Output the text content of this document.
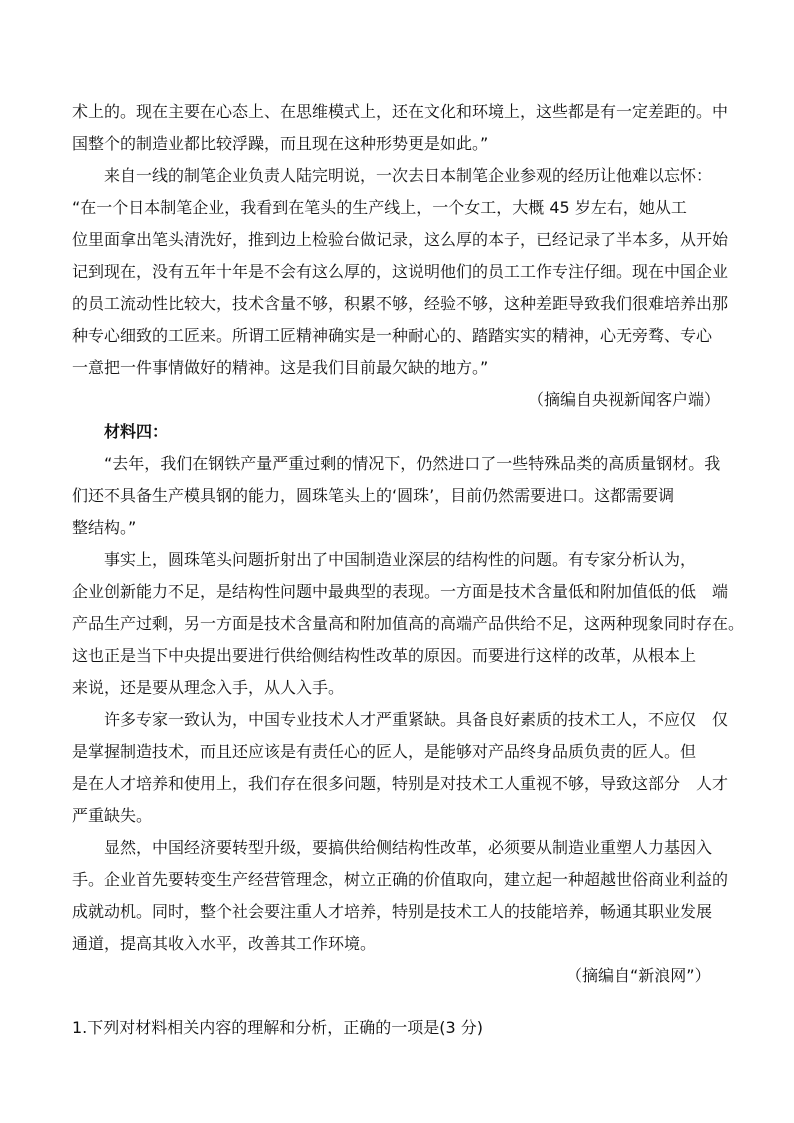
术上的。现在主要在心态上、在思维模式上，还在文化和环境上，这些都是有一定差距的。中
国整个的制造业都比较浮躁，而且现在这种形势更是如此。”
来自一线的制笔企业负责人陆完明说，一次去日本制笔企业参观的经历让他难以忘怀：
“在一个日本制笔企业，我看到在笔头的生产线上，一个女工，大概 45 岁左右，她从工
位里面拿出笔头清洗好，推到边上检验台做记录，这么厚的本子，已经记录了半本多，从开始
记到现在，没有五年十年是不会有这么厚的，这说明他们的员工工作专注仔细。现在中国企业
的员工流动性比较大，技术含量不够，积累不够，经验不够，这种差距导致我们很难培养出那
种专心细致的工匠来。所谓工匠精神确实是一种耐心的、踏踏实实的精神，心无旁骛、专心
一意把一件事情做好的精神。这是我们目前最欠缺的地方。”
（摘编自央视新闻客户端）
材料四：
“去年，我们在钢铁产量严重过剩的情况下，仍然进口了一些特殊品类的高质量钢材。我
们还不具备生产模具钢的能力，圆珠笔头上的‘圆珠’，目前仍然需要进口。这都需要调
整结构。”
事实上，圆珠笔头问题折射出了中国制造业深层的结构性的问题。有专家分析认为，
企业创新能力不足，是结构性问题中最典型的表现。一方面是技术含量低和附加值低的低　端
产品生产过剩，另一方面是技术含量高和附加值高的高端产品供给不足，这两种现象同时存在。
这也正是当下中央提出要进行供给侧结构性改革的原因。而要进行这样的改革，从根本上
来说，还是要从理念入手，从人入手。
许多专家一致认为，中国专业技术人才严重紧缺。具备良好素质的技术工人，不应仅　仅
是掌握制造技术，而且还应该是有责任心的匠人，是能够对产品终身品质负责的匠人。但
是在人才培养和使用上，我们存在很多问题，特别是对技术工人重视不够，导致这部分　人才
严重缺失。
显然，中国经济要转型升级，要搞供给侧结构性改革，必须要从制造业重塑人力基因入
手。企业首先要转变生产经营管理念，树立正确的价值取向，建立起一种超越世俗商业利益的
成就动机。同时，整个社会要注重人才培养，特别是技术工人的技能培养，畅通其职业发展
通道，提高其收入水平，改善其工作环境。
（摘编自“新浪网”）
1.下列对材料相关内容的理解和分析，正确的一项是(3 分)
